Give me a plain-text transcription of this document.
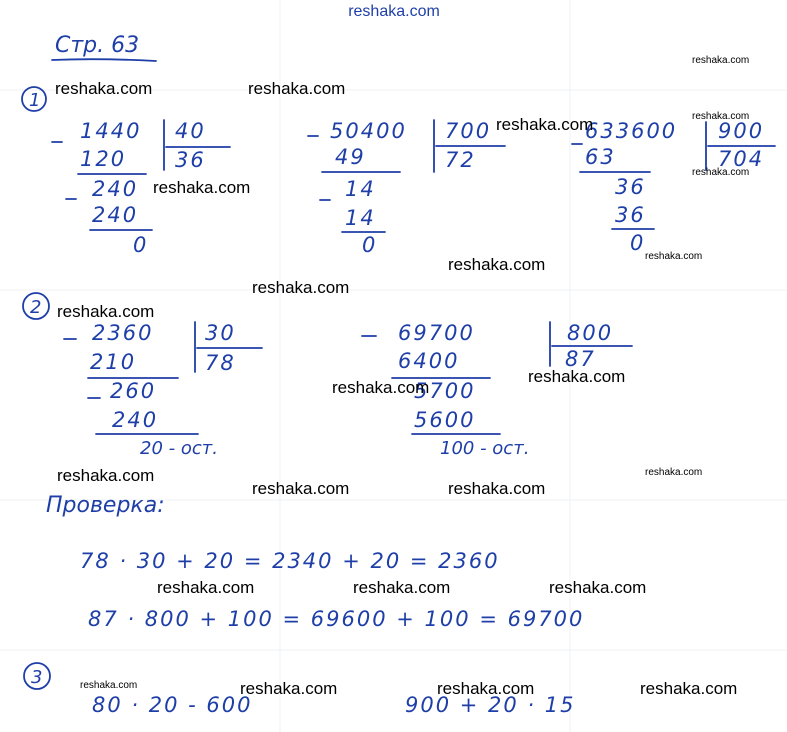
reshaka.com
Стр. 63
1
1440 40
36
120
240
240
0
50400 700
72
49
14
14
0
633600 900
704
63
36
36
0
2
2360 30
78
210
260
240
20 - ост.
69700	800
87
6400
5700
5600
100 - ост.
Проверка:
78 · 30 + 20 = 2340 + 20 = 2360
87 · 800 + 100 = 69600 + 100 = 69700
3
80 · 20 - 600	900 + 20 · 15
reshaka.com	reshaka.com
reshaka.com
reshaka.com	reshaka.com
reshaka.com
reshaka.com
reshaka.com	reshaka.com
reshaka.com
reshaka.com
reshaka.com
reshaka.com
reshaka.com	reshaka.com
reshaka.com	reshaka.com
reshaka.com	reshaka.com	reshaka.com
reshaka.com	reshaka.com	reshaka.com	reshaka.com
